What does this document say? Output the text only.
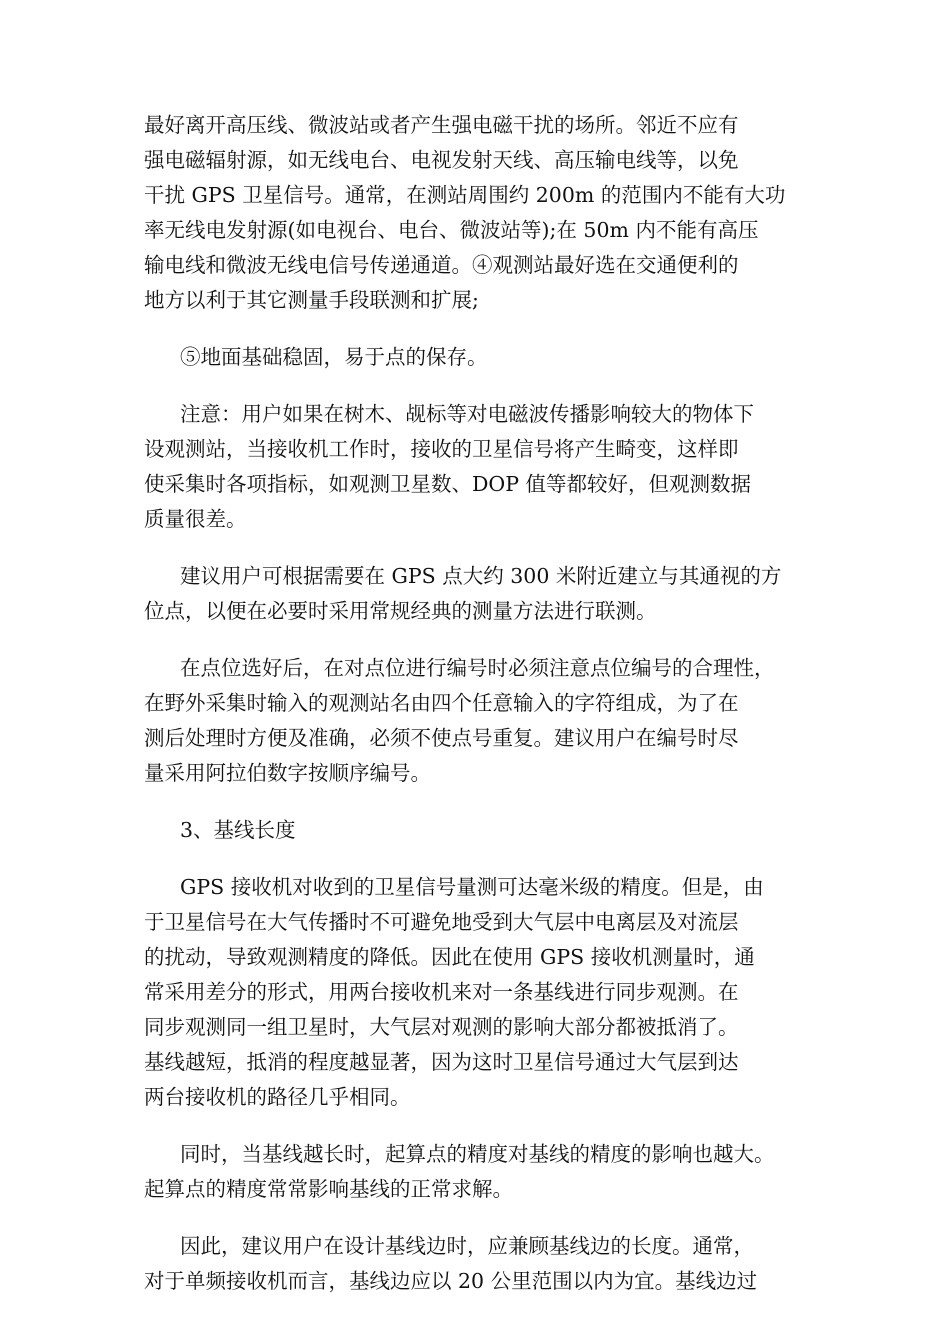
最好离开高压线、微波站或者产生强电磁干扰的场所。邻近不应有
强电磁辐射源，如无线电台、电视发射天线、高压输电线等，以免
干扰 GPS 卫星信号。通常，在测站周围约 200m 的范围内不能有大功
率无线电发射源(如电视台、电台、微波站等);在 50m 内不能有高压
输电线和微波无线电信号传递通道。④观测站最好选在交通便利的
地方以利于其它测量手段联测和扩展;
⑤地面基础稳固，易于点的保存。
注意：用户如果在树木、觇标等对电磁波传播影响较大的物体下
设观测站，当接收机工作时，接收的卫星信号将产生畸变，这样即
使采集时各项指标，如观测卫星数、DOP 值等都较好，但观测数据
质量很差。
建议用户可根据需要在 GPS 点大约 300 米附近建立与其通视的方
位点，以便在必要时采用常规经典的测量方法进行联测。
在点位选好后，在对点位进行编号时必须注意点位编号的合理性，
在野外采集时输入的观测站名由四个任意输入的字符组成，为了在
测后处理时方便及准确，必须不使点号重复。建议用户在编号时尽
量采用阿拉伯数字按顺序编号。
3、基线长度
GPS 接收机对收到的卫星信号量测可达毫米级的精度。但是，由
于卫星信号在大气传播时不可避免地受到大气层中电离层及对流层
的扰动，导致观测精度的降低。因此在使用 GPS 接收机测量时，通
常采用差分的形式，用两台接收机来对一条基线进行同步观测。在
同步观测同一组卫星时，大气层对观测的影响大部分都被抵消了。
基线越短，抵消的程度越显著，因为这时卫星信号通过大气层到达
两台接收机的路径几乎相同。
同时，当基线越长时，起算点的精度对基线的精度的影响也越大。
起算点的精度常常影响基线的正常求解。
因此，建议用户在设计基线边时，应兼顾基线边的长度。通常，
对于单频接收机而言，基线边应以 20 公里范围以内为宜。基线边过
